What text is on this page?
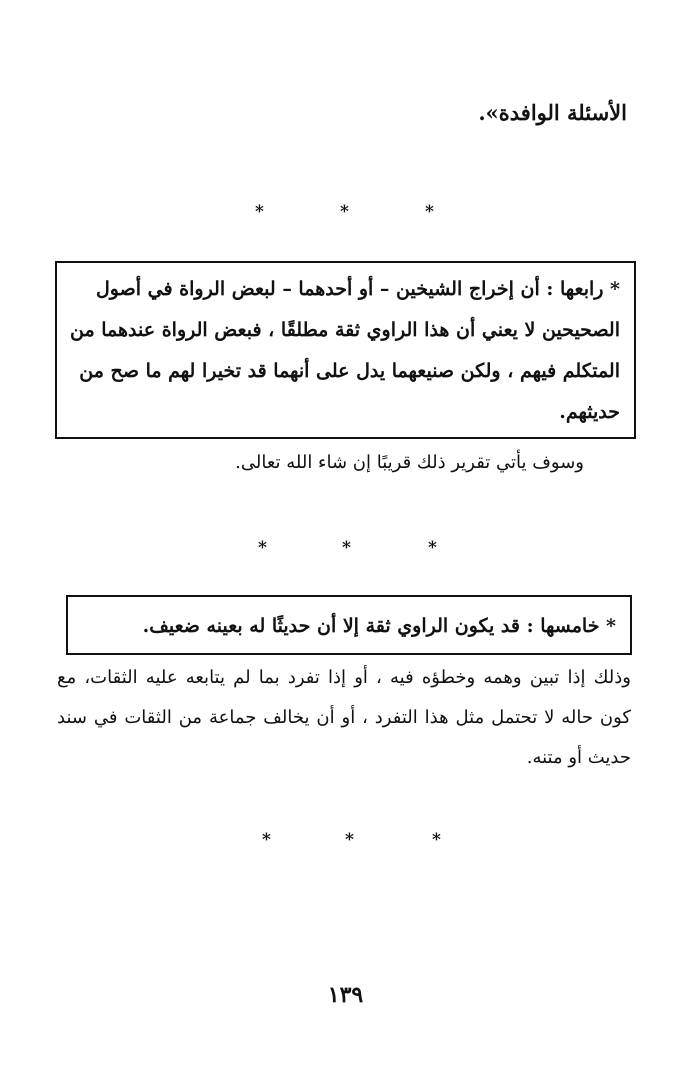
الأسئلة الوافدة».
*	*	*
* رابعها : أن إخراج الشيخين – أو أحدهما – لبعض الرواة في أصول الصحيحين لا يعني أن هذا الراوي ثقة مطلقًا ، فبعض الرواة عندهما من المتكلم فيهم ، ولكن صنيعهما يدل على أنهما قد تخيرا لهم ما صح من حديثهم.
وسوف يأتي تقرير ذلك قريبًا إن شاء الله تعالى.
*	*	*
* خامسها : قد يكون الراوي ثقة إلا أن حديثًا له بعينه ضعيف.
وذلك إذا تبين وهمه وخطؤه فيه ، أو إذا تفرد بما لم يتابعه عليه الثقات، مع كون حاله لا تحتمل مثل هذا التفرد ، أو أن يخالف جماعة من الثقات في سند حديث أو متنه.
*	*	*
١٣٩
